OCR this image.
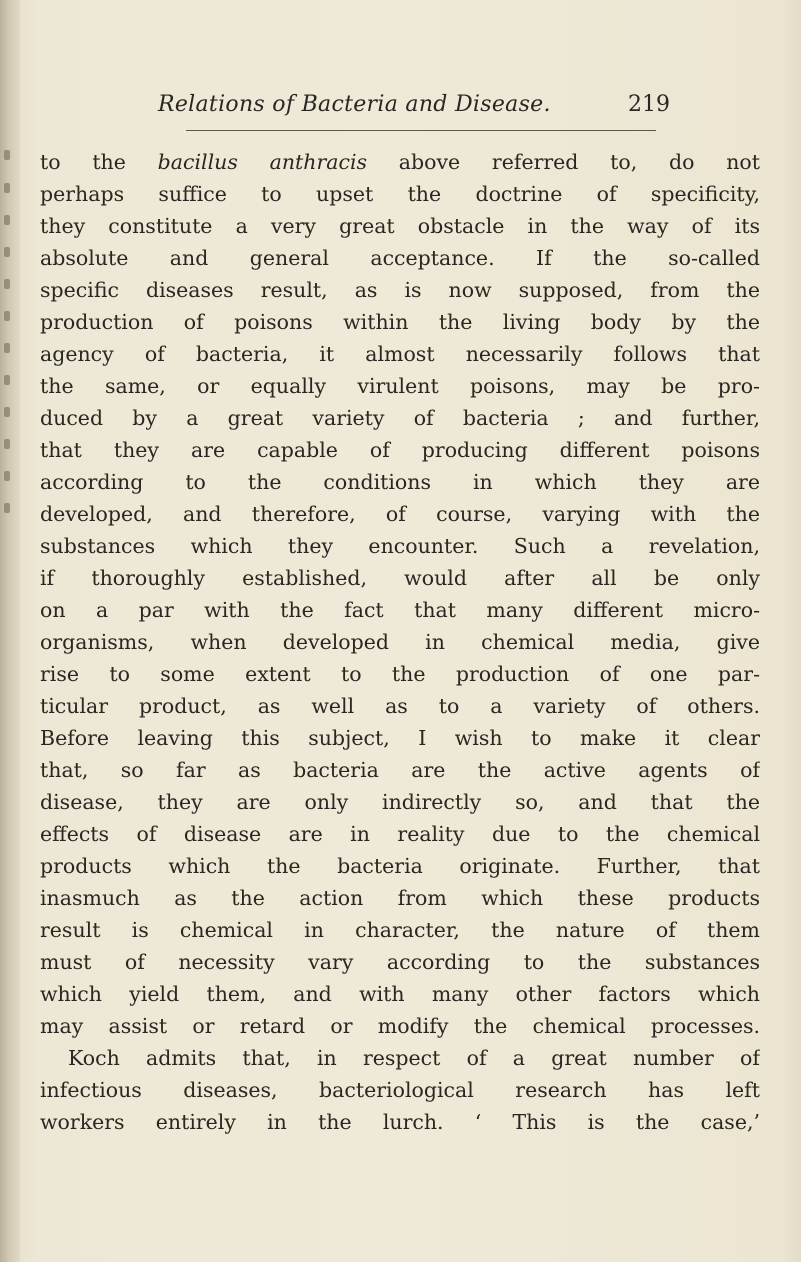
Relations of Bacteria and Disease.	219
to the bacillus anthracis above referred to, do not
perhaps suffice to upset the doctrine of specificity,
they constitute a very great obstacle in the way of its
absolute and general acceptance. If the so-called
specific diseases result, as is now supposed, from the
production of poisons within the living body by the
agency of bacteria, it almost necessarily follows that
the same, or equally virulent poisons, may be pro-
duced by a great variety of bacteria ; and further,
that they are capable of producing different poisons
according to the conditions in which they are
developed, and therefore, of course, varying with the
substances which they encounter. Such a revelation,
if thoroughly established, would after all be only
on a par with the fact that many different micro-
organisms, when developed in chemical media, give
rise to some extent to the production of one par-
ticular product, as well as to a variety of others.
Before leaving this subject, I wish to make it clear
that, so far as bacteria are the active agents of
disease, they are only indirectly so, and that the
effects of disease are in reality due to the chemical
products which the bacteria originate. Further, that
inasmuch as the action from which these products
result is chemical in character, the nature of them
must of necessity vary according to the substances
which yield them, and with many other factors which
may assist or retard or modify the chemical processes.
Koch admits that, in respect of a great number of
infectious diseases, bacteriological research has left
workers entirely in the lurch. ‘ This is the case,’
